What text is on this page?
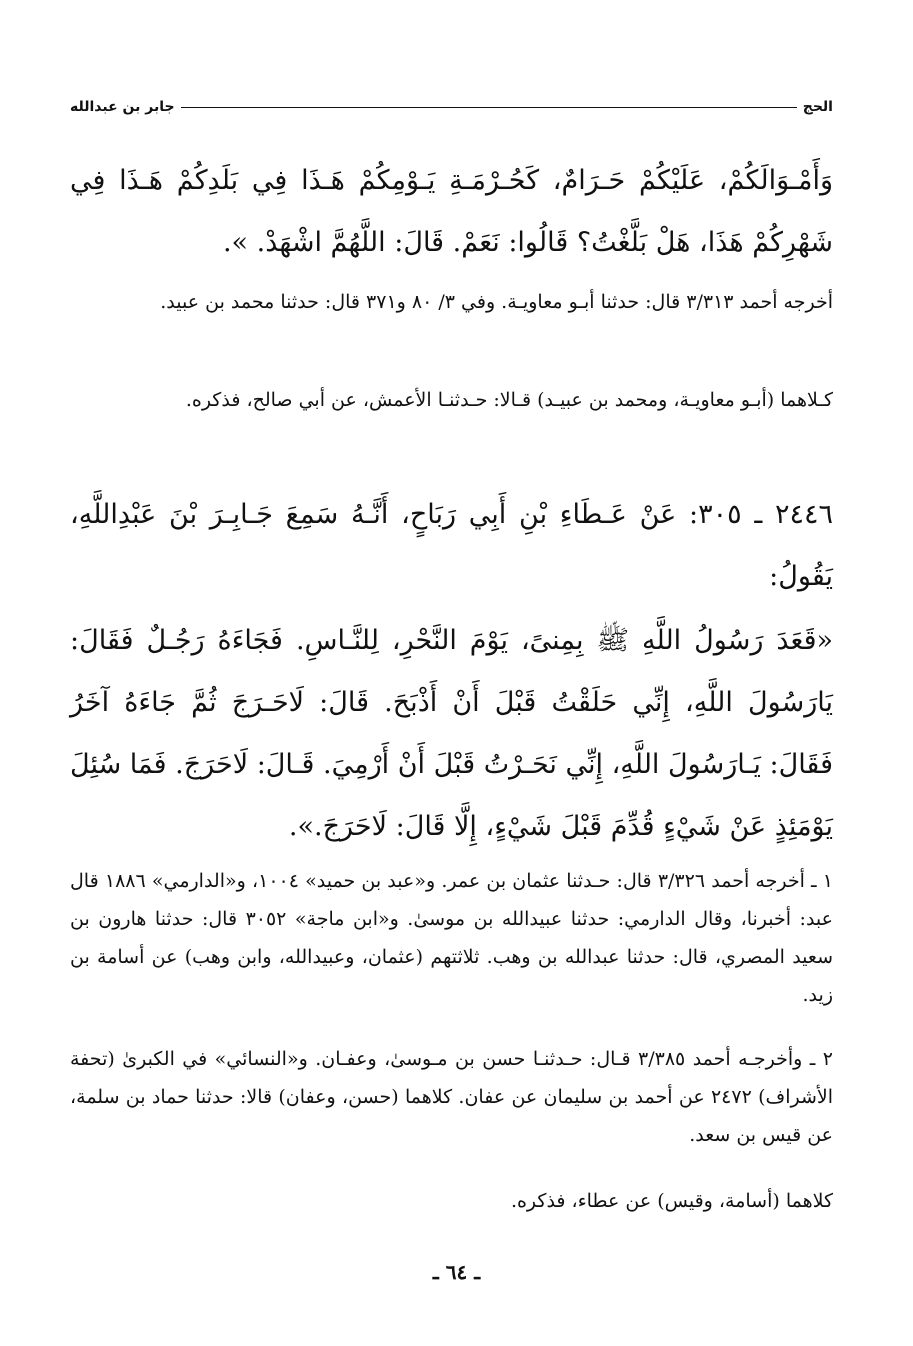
الحج
جابر بن عبدالله
وَأَمْـوَالَكُمْ، عَلَيْكُمْ حَـرَامٌ، كَحُـرْمَـةِ يَـوْمِكُمْ هَـذَا فِي بَلَدِكُمْ هَـذَا فِي شَهْرِكُمْ هَذَا، هَلْ بَلَّغْتُ؟ قَالُوا: نَعَمْ. قَالَ: اللَّهُمَّ اشْهَدْ. ».
أخرجه أحمد ٣/٣١٣ قال: حدثنا أبـو معاويـة. وفي ٣/ ٨٠ و٣٧١ قال: حدثنا محمد بن عبيد.
كـلاهما (أبـو معاويـة، ومحمد بن عبيـد) قـالا: حـدثنـا الأعمش، عن أبي صالح، فذكره.
٢٤٤٦ ـ ٣٠٥: عَنْ عَـطَاءِ بْنِ أَبِي رَبَاحٍ، أَنَّـهُ سَمِعَ جَـابِـرَ بْنَ عَبْدِاللَّهِ، يَقُولُ:
«قَعَدَ رَسُولُ اللَّهِ ﷺ بِمِنىً، يَوْمَ النَّحْرِ، لِلنَّـاسِ. فَجَاءَهُ رَجُـلٌ فَقَالَ: يَارَسُولَ اللَّهِ، إِنِّي حَلَقْتُ قَبْلَ أَنْ أَذْبَحَ. قَالَ: لَاحَـرَجَ ثُمَّ جَاءَهُ آخَرُ فَقَالَ: يَـارَسُولَ اللَّهِ، إِنِّي نَحَـرْتُ قَبْلَ أَنْ أَرْمِيَ. قَـالَ: لَاحَرَجَ. فَمَا سُئِلَ يَوْمَئِذٍ عَنْ شَيْءٍ قُدِّمَ قَبْلَ شَيْءٍ، إِلَّا قَالَ: لَاحَرَجَ.».
١ ـ أخرجه أحمد ٣/٣٢٦ قال: حـدثنا عثمان بن عمر. و«عبد بن حميد» ١٠٠٤، و«الدارمي» ١٨٨٦ قال عبد: أخبرنا، وقال الدارمي: حدثنا عبيدالله بن موسىٰ. و«ابن ماجة» ٣٠٥٢ قال: حدثنا هارون بن سعيد المصري، قال: حدثنا عبدالله بن وهب. ثلاثتهم (عثمان، وعبيدالله، وابن وهب) عن أسامة بن زيد.
٢ ـ وأخرجـه أحمد ٣/٣٨٥ قـال: حـدثنـا حسن بن مـوسىٰ، وعفـان. و«النسائي» في الكبرىٰ (تحفة الأشراف) ٢٤٧٢ عن أحمد بن سليمان عن عفان. كلاهما (حسن، وعفان) قالا: حدثنا حماد بن سلمة، عن قيس بن سعد.
كلاهما (أسامة، وقيس) عن عطاء، فذكره.
ـ ٦٤ ـ
